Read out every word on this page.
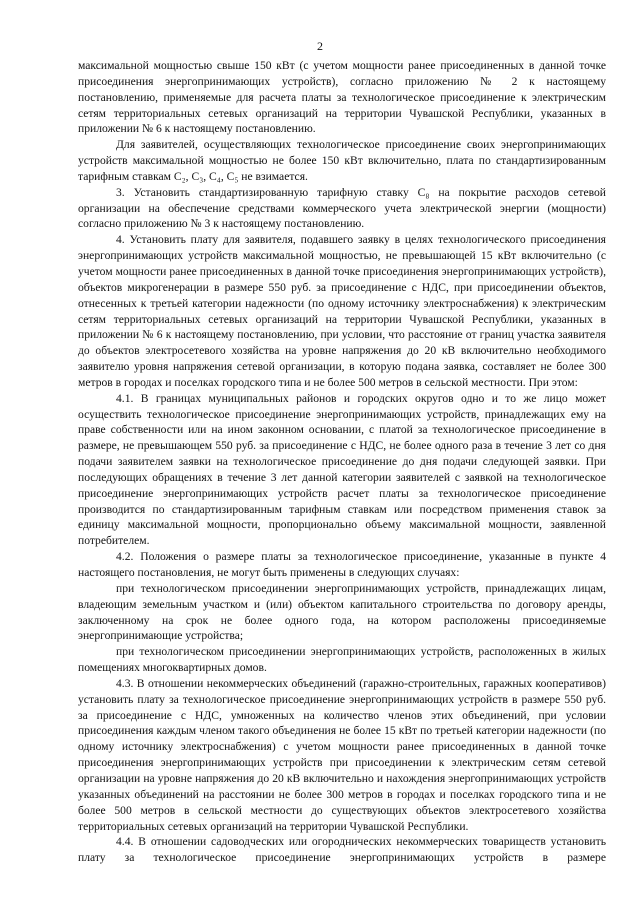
2

максимальной мощностью свыше 150 кВт (с учетом мощности ранее присоединенных в данной точке присоединения энергопринимающих устройств), согласно приложению № 2 к настоящему постановлению, применяемые для расчета платы за технологическое присоединение к электрическим сетям территориальных сетевых организаций на территории Чувашской Республики, указанных в приложении № 6 к настоящему постановлению.

Для заявителей, осуществляющих технологическое присоединение своих энергопринимающих устройств максимальной мощностью не более 150 кВт включительно, плата по стандартизированным тарифным ставкам C₂, C₃, C₄, C₅ не взимается.

3. Установить стандартизированную тарифную ставку C₈ на покрытие расходов сетевой организации на обеспечение средствами коммерческого учета электрической энергии (мощности) согласно приложению № 3 к настоящему постановлению.

4. Установить плату для заявителя, подавшего заявку в целях технологического присоединения энергопринимающих устройств максимальной мощностью, не превышающей 15 кВт включительно (с учетом мощности ранее присоединенных в данной точке присоединения энергопринимающих устройств), объектов микрогенерации в размере 550 руб. за присоединение с НДС, при присоединении объектов, отнесенных к третьей категории надежности (по одному источнику электроснабжения) к электрическим сетям территориальных сетевых организаций на территории Чувашской Республики, указанных в приложении № 6 к настоящему постановлению, при условии, что расстояние от границ участка заявителя до объектов электросетевого хозяйства на уровне напряжения до 20 кВ включительно необходимого заявителю уровня напряжения сетевой организации, в которую подана заявка, составляет не более 300 метров в городах и поселках городского типа и не более 500 метров в сельской местности. При этом:

4.1. В границах муниципальных районов и городских округов одно и то же лицо может осуществить технологическое присоединение энергопринимающих устройств, принадлежащих ему на праве собственности или на ином законном основании, с платой за технологическое присоединение в размере, не превышающем 550 руб. за присоединение с НДС, не более одного раза в течение 3 лет со дня подачи заявителем заявки на технологическое присоединение до дня подачи следующей заявки. При последующих обращениях в течение 3 лет данной категории заявителей с заявкой на технологическое присоединение энергопринимающих устройств расчет платы за технологическое присоединение производится по стандартизированным тарифным ставкам или посредством применения ставок за единицу максимальной мощности, пропорционально объему максимальной мощности, заявленной потребителем.

4.2. Положения о размере платы за технологическое присоединение, указанные в пункте 4 настоящего постановления, не могут быть применены в следующих случаях:

при технологическом присоединении энергопринимающих устройств, принадлежащих лицам, владеющим земельным участком и (или) объектом капитального строительства по договору аренды, заключенному на срок не более одного года, на котором расположены присоединяемые энергопринимающие устройства;

при технологическом присоединении энергопринимающих устройств, расположенных в жилых помещениях многоквартирных домов.

4.3. В отношении некоммерческих объединений (гаражно-строительных, гаражных кооперативов) установить плату за технологическое присоединение энергопринимающих устройств в размере 550 руб. за присоединение с НДС, умноженных на количество членов этих объединений, при условии присоединения каждым членом такого объединения не более 15 кВт по третьей категории надежности (по одному источнику электроснабжения) с учетом мощности ранее присоединенных в данной точке присоединения энергопринимающих устройств при присоединении к электрическим сетям сетевой организации на уровне напряжения до 20 кВ включительно и нахождения энергопринимающих устройств указанных объединений на расстоянии не более 300 метров в городах и поселках городского типа и не более 500 метров в сельской местности до существующих объектов электросетевого хозяйства территориальных сетевых организаций на территории Чувашской Республики.

4.4. В отношении садоводческих или огороднических некоммерческих товариществ установить плату за технологическое присоединение энергопринимающих устройств в размере
